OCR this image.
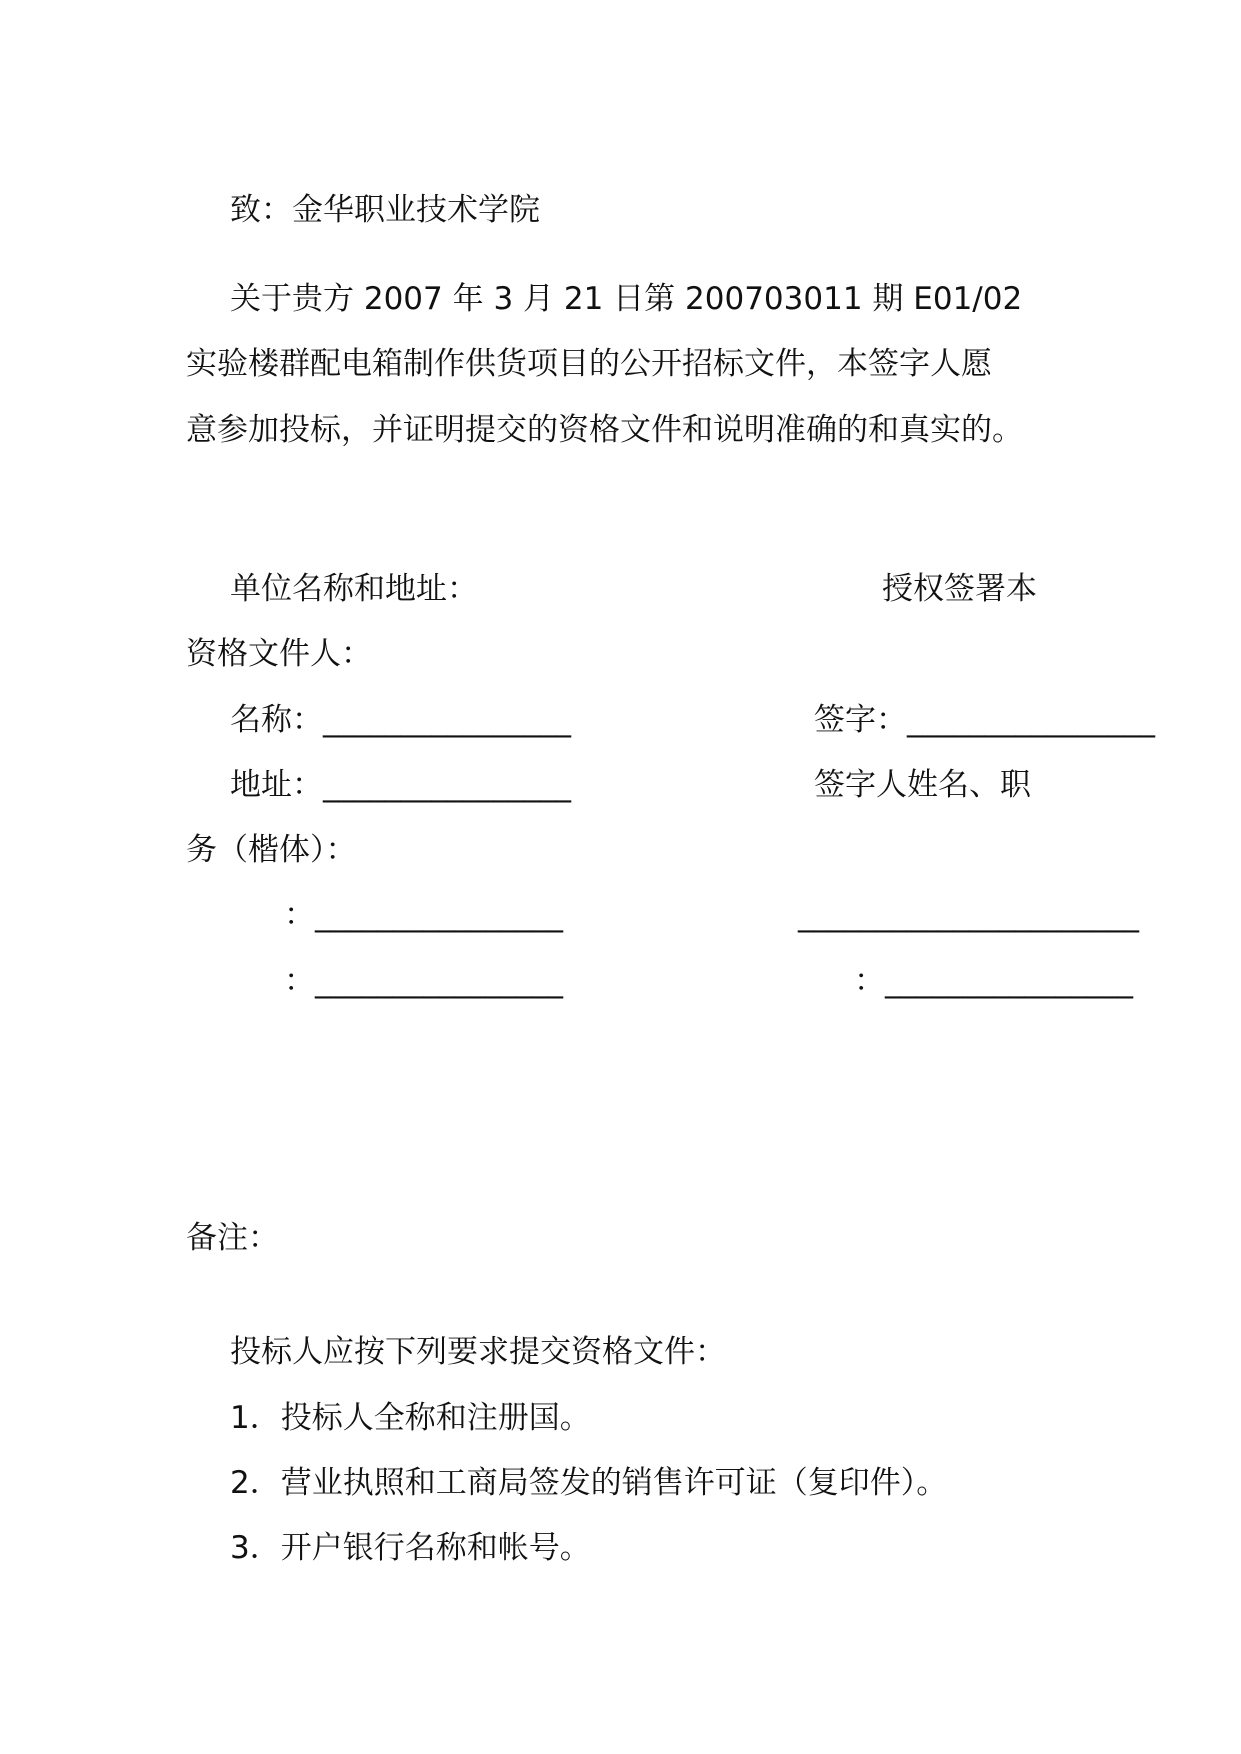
致：金华职业技术学院
关于贵方 2007 年 3 月 21 日第 200703011 期 E01/02
实验楼群配电箱制作供货项目的公开招标文件，本签字人愿
意参加投标，并证明提交的资格文件和说明准确的和真实的。
单位名称和地址：	授权签署本
资格文件人：
名称：________________	签字：________________
地址：________________	签字人姓名、职
务（楷体）：
：________________	______________________
：________________	：________________
备注：
投标人应按下列要求提交资格文件：
1．投标人全称和注册国。
2．营业执照和工商局签发的销售许可证（复印件）。
3．开户银行名称和帐号。
